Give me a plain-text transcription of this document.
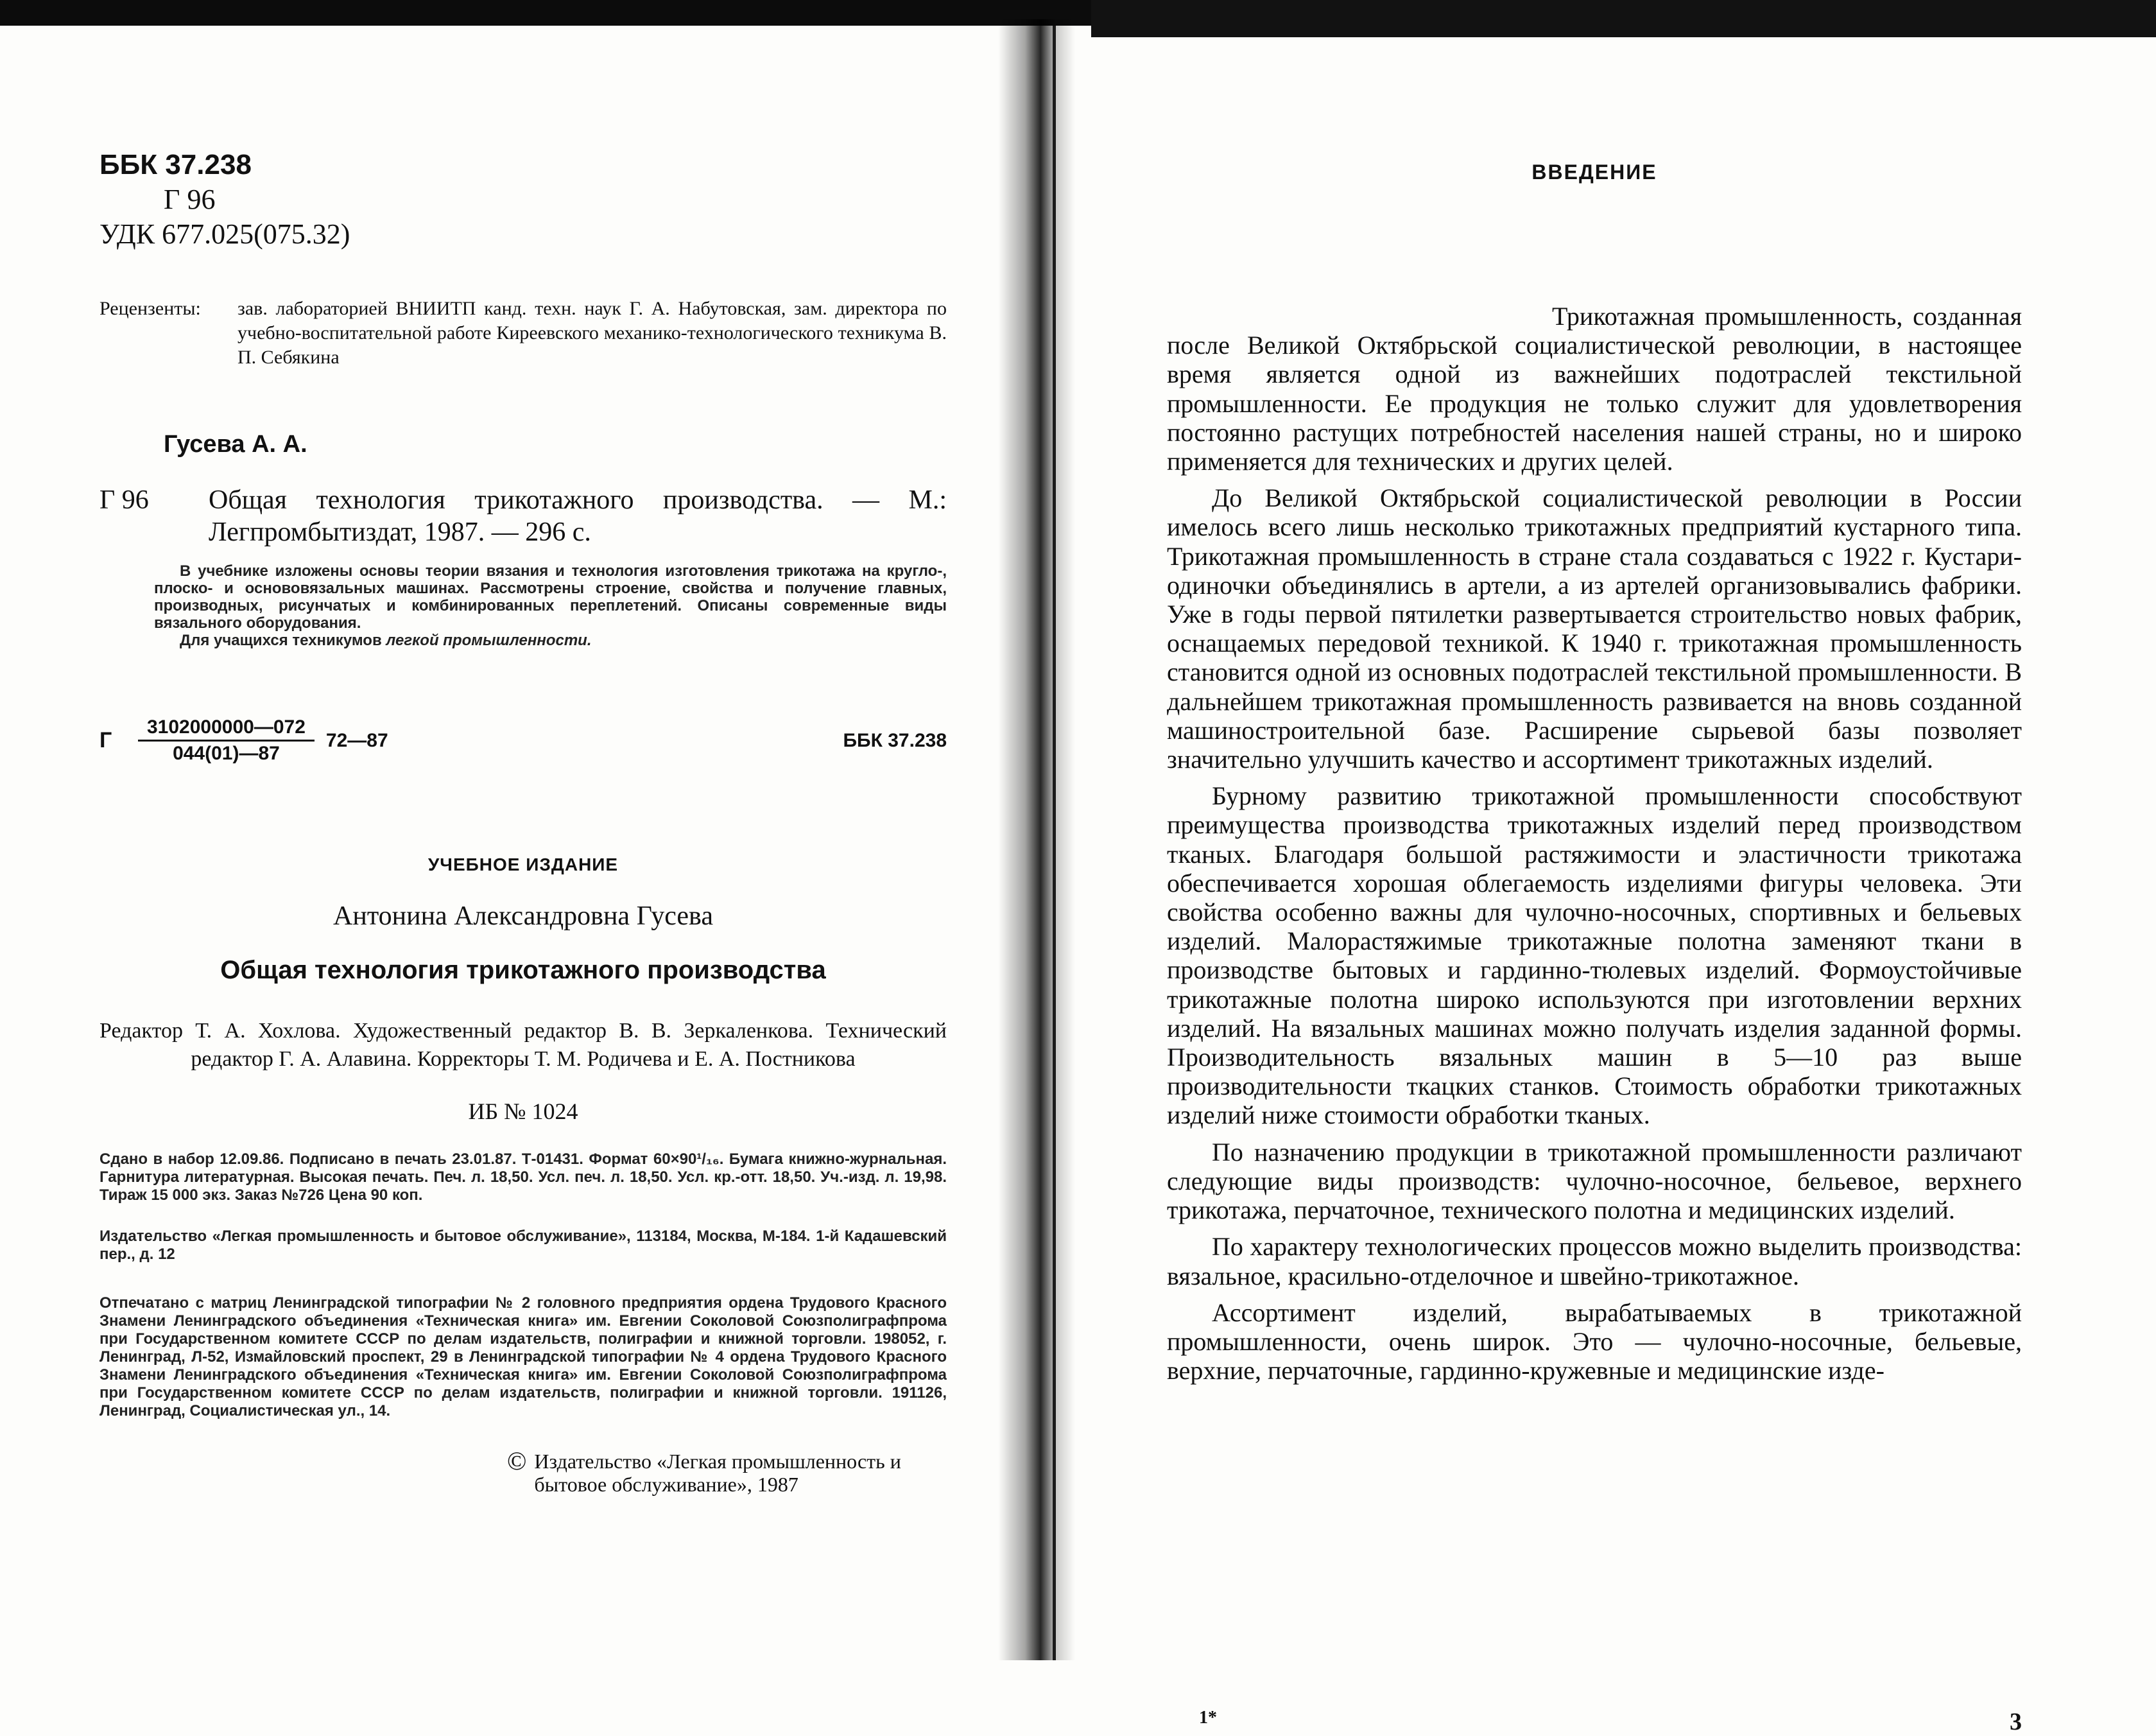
ББК 37.238
Г 96
УДК 677.025(075.32)
Рецензенты:	зав. лабораторией ВНИИТП канд. техн. наук Г. А. Набутовская, зам. директора по учебно-воспитательной работе Киреевского механико-технологического техникума В. П. Себякина
Гусева А. А.
Г 96	Общая технология трикотажного производства. — М.: Легпромбытиздат, 1987. — 296 с.
В учебнике изложены основы теории вязания и технология изготовления трикотажа на кругло-, плоско- и основовязальных машинах. Рассмотрены строение, свойства и получение главных, производных, рисунчатых и комбинированных переплетений. Описаны современные виды вязального оборудования.
Для учащихся техникумов легкой промышленности.
Г	$\frac{3102000000—072}{044(01)—87}$ 72—87	ББК 37.238
УЧЕБНОЕ ИЗДАНИЕ
Антонина Александровна Гусева
Общая технология трикотажного производства
Редактор Т. А. Хохлова. Художественный редактор В. В. Зеркаленкова. Технический редактор Г. А. Алавина. Корректоры Т. М. Родичева и Е. А. Постникова
ИБ № 1024
Сдано в набор 12.09.86. Подписано в печать 23.01.87. Т-01431. Формат 60×90¹/₁₆. Бумага книжно-журнальная. Гарнитура литературная. Высокая печать. Печ. л. 18,50. Усл. печ. л. 18,50. Усл. кр.-отт. 18,50. Уч.-изд. л. 19,98. Тираж 15 000 экз. Заказ №726 Цена 90 коп.
Издательство «Легкая промышленность и бытовое обслуживание», 113184, Москва, М-184. 1-й Кадашевский пер., д. 12
Отпечатано с матриц Ленинградской типографии № 2 головного предприятия ордена Трудового Красного Знамени Ленинградского объединения «Техническая книга» им. Евгении Соколовой Союзполиграфпрома при Государственном комитете СССР по делам издательств, полиграфии и книжной торговли. 198052, г. Ленинград, Л-52, Измайловский проспект, 29 в Ленинградской типографии № 4 ордена Трудового Красного Знамени Ленинградского объединения «Техническая книга» им. Евгении Соколовой Союзполиграфпрома при Государственном комитете СССР по делам издательств, полиграфии и книжной торговли. 191126, Ленинград, Социалистическая ул., 14.
© Издательство «Легкая промышленность и бытовое обслуживание», 1987
ВВЕДЕНИЕ

Трикотажная промышленность, созданная после Великой Октябрьской социалистической революции, в настоящее время является одной из важнейших подотраслей текстильной промышленности. Ее продукция не только служит для удовлетворения постоянно растущих потребностей населения нашей страны, но и широко применяется для технических и других целей.

До Великой Октябрьской социалистической революции в России имелось всего лишь несколько трикотажных предприятий кустарного типа. Трикотажная промышленность в стране стала создаваться с 1922 г. Кустари-одиночки объединялись в артели, а из артелей организовывались фабрики. Уже в годы первой пятилетки развертывается строительство новых фабрик, оснащаемых передовой техникой. К 1940 г. трикотажная промышленность становится одной из основных подотраслей текстильной промышленности. В дальнейшем трикотажная промышленность развивается на вновь созданной машиностроительной базе. Расширение сырьевой базы позволяет значительно улучшить качество и ассортимент трикотажных изделий.

Бурному развитию трикотажной промышленности способствуют преимущества производства трикотажных изделий перед производством тканых. Благодаря большой растяжимости и эластичности трикотажа обеспечивается хорошая облегаемость изделиями фигуры человека. Эти свойства особенно важны для чулочно-носочных, спортивных и бельевых изделий. Малорастяжимые трикотажные полотна заменяют ткани в производстве бытовых и гардинно-тюлевых изделий. Формоустойчивые трикотажные полотна широко используются при изготовлении верхних изделий. На вязальных машинах можно получать изделия заданной формы. Производительность вязальных машин в 5—10 раз выше производительности ткацких станков. Стоимость обработки трикотажных изделий ниже стоимости обработки тканых.

По назначению продукции в трикотажной промышленности различают следующие виды производств: чулочно-носочное, бельевое, верхнего трикотажа, перчаточное, технического полотна и медицинских изделий.

По характеру технологических процессов можно выделить производства: вязальное, красильно-отделочное и швейно-трикотажное.

Ассортимент изделий, вырабатываемых в трикотажной промышленности, очень широк. Это — чулочно-носочные, бельевые, верхние, перчаточные, гардинно-кружевные и медицинские изде-

1*	3
